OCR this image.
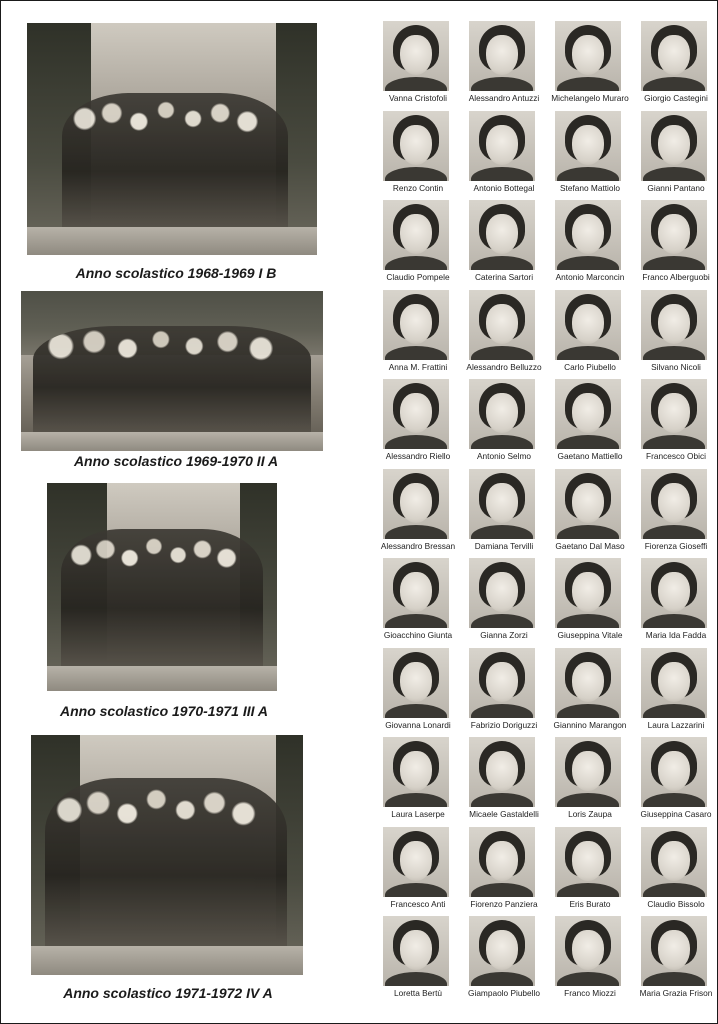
Anno scolastico 1968-1969 I B
Anno scolastico 1969-1970 II A
Anno scolastico 1970-1971 III A
Anno scolastico 1971-1972 IV A
Vanna Cristofoli	Alessandro Antuzzi	Michelangelo Muraro	Giorgio Castegini
Renzo Contin	Antonio Bottegal	Stefano Mattiolo	Gianni Pantano
Claudio Pompele	Caterina Sartori	Antonio Marconcin	Franco Alberguobi
Anna M. Frattini	Alessandro Belluzzo	Carlo Piubello	Silvano Nicoli
Alessandro Riello	Antonio Selmo	Gaetano Mattiello	Francesco Obici
Alessandro Bressan	Damiana Tervilli	Gaetano Dal Maso	Fiorenza Gioseffi
Gioacchino Giunta	Gianna Zorzi	Giuseppina Vitale	Maria Ida Fadda
Giovanna Lonardi	Fabrizio Doriguzzi	Giannino Marangon	Laura Lazzarini
Laura Laserpe	Micaele Gastaldelli	Loris Zaupa	Giuseppina Casaro
Francesco Anti	Fiorenzo Panziera	Eris Burato	Claudio Bissolo
Loretta Bertù	Giampaolo Piubello	Franco Miozzi	Maria Grazia Frison
